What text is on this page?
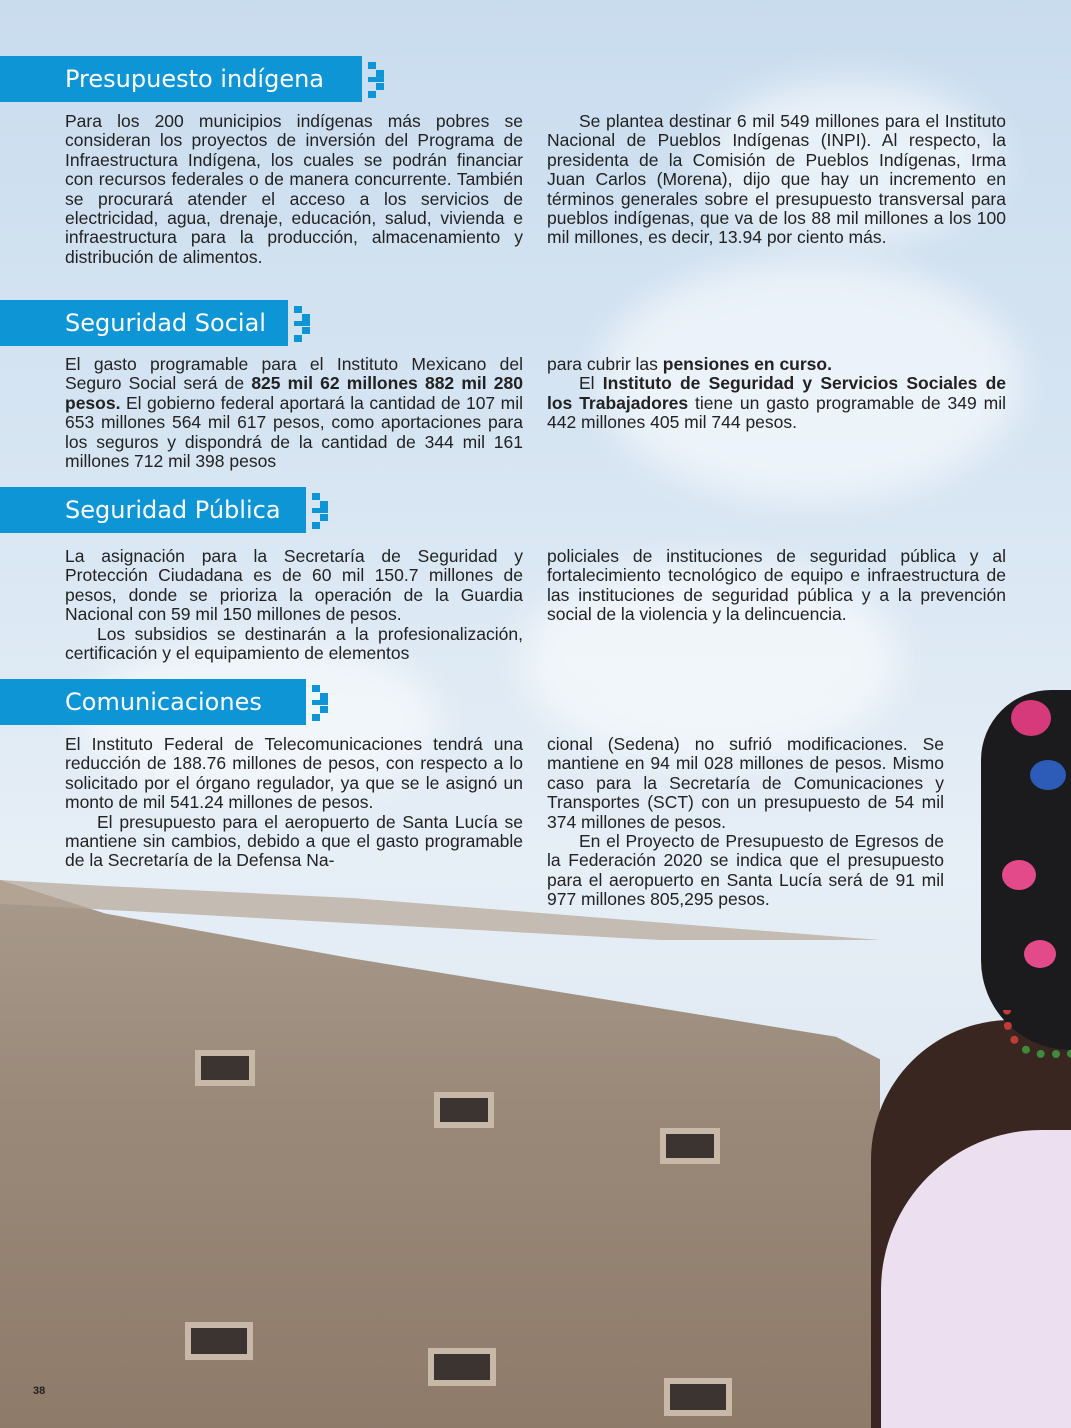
Presupuesto indígena

Para los 200 municipios indígenas más pobres se consideran los proyectos de inversión del Programa de Infraestructura Indígena, los cuales se podrán financiar con recursos federales o de manera concurrente. También se procurará atender el acceso a los servicios de electricidad, agua, drenaje, educación, salud, vivienda e infraestructura para la producción, almacenamiento y distribución de alimentos.

Se plantea destinar 6 mil 549 millones para el Instituto Nacional de Pueblos Indígenas (INPI). Al respecto, la presidenta de la Comisión de Pueblos Indígenas, Irma Juan Carlos (Morena), dijo que hay un incremento en términos generales sobre el presupuesto transversal para pueblos indígenas, que va de los 88 mil millones a los 100 mil millones, es decir, 13.94 por ciento más.

Seguridad Social

El gasto programable para el Instituto Mexicano del Seguro Social será de 825 mil 62 millones 882 mil 280 pesos. El gobierno federal aportará la cantidad de 107 mil 653 millones 564 mil 617 pesos, como aportaciones para los seguros y dispondrá de la cantidad de 344 mil 161 millones 712 mil 398 pesos

para cubrir las pensiones en curso.

El Instituto de Seguridad y Servicios Sociales de los Trabajadores tiene un gasto programable de 349 mil 442 millones 405 mil 744 pesos.

Seguridad Pública

La asignación para la Secretaría de Seguridad y Protección Ciudadana es de 60 mil 150.7 millones de pesos, donde se prioriza la operación de la Guardia Nacional con 59 mil 150 millones de pesos.

Los subsidios se destinarán a la profesionalización, certificación y el equipamiento de elementos

policiales de instituciones de seguridad pública y al fortalecimiento tecnológico de equipo e infraestructura de las instituciones de seguridad pública y a la prevención social de la violencia y la delincuencia.

Comunicaciones

El Instituto Federal de Telecomunicaciones tendrá una reducción de 188.76 millones de pesos, con respecto a lo solicitado por el órgano regulador, ya que se le asignó un monto de mil 541.24 millones de pesos.

El presupuesto para el aeropuerto de Santa Lucía se mantiene sin cambios, debido a que el gasto programable de la Secretaría de la Defensa Na-

cional (Sedena) no sufrió modificaciones. Se mantiene en 94 mil 028 millones de pesos. Mismo caso para la Secretaría de Comunicaciones y Transportes (SCT) con un presupuesto de 54 mil 374 millones de pesos.

En el Proyecto de Presupuesto de Egresos de la Federación 2020 se indica que el presupuesto para el aeropuerto en Santa Lucía será de 91 mil 977 millones 805,295 pesos.

38
